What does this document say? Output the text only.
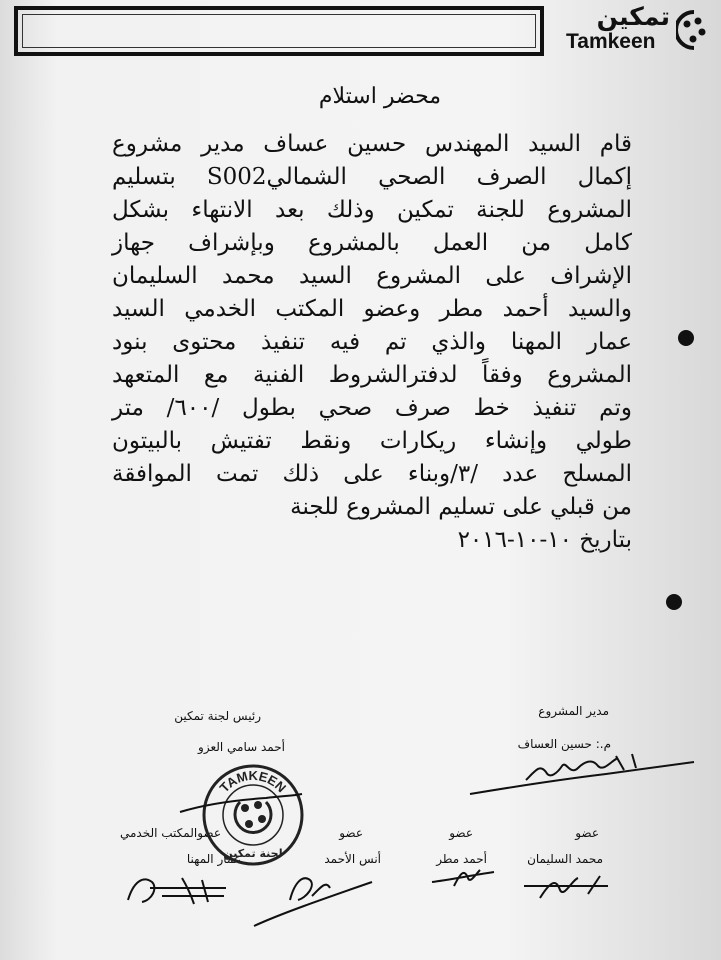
تمكين
Tamkeen
محضر استلام
قام السيد المهندس حسين عساف مدير مشروع
إكمال الصرف الصحي الشماليS002 بتسليم
المشروع للجنة تمكين وذلك بعد الانتهاء بشكل
كامل من العمل بالمشروع وبإشراف جهاز
الإشراف على المشروع السيد محمد السليمان
والسيد أحمد مطر وعضو المكتب الخدمي السيد
عمار المهنا والذي تم فيه تنفيذ محتوى بنود
المشروع وفقاً لدفترالشروط الفنية مع المتعهد
وتم تنفيذ خط صرف صحي بطول /٦٠٠/ متر
طولي وإنشاء ريكارات ونقط تفتيش بالبيتون
المسلح عدد /٣/وبناء على ذلك تمت الموافقة
من قبلي على تسليم المشروع للجنة
بتاريخ ١٠-١٠-٢٠١٦
مدير المشروع
م.: حسين العساف
رئيس لجنة تمكين
أحمد سامي العزو
عضو
محمد السليمان
عضو
أحمد مطر
عضو
أنس الأحمد
عضوالمكتب الخدمي
عمار المهنا
TAMKEEN
لجنة تمكين
